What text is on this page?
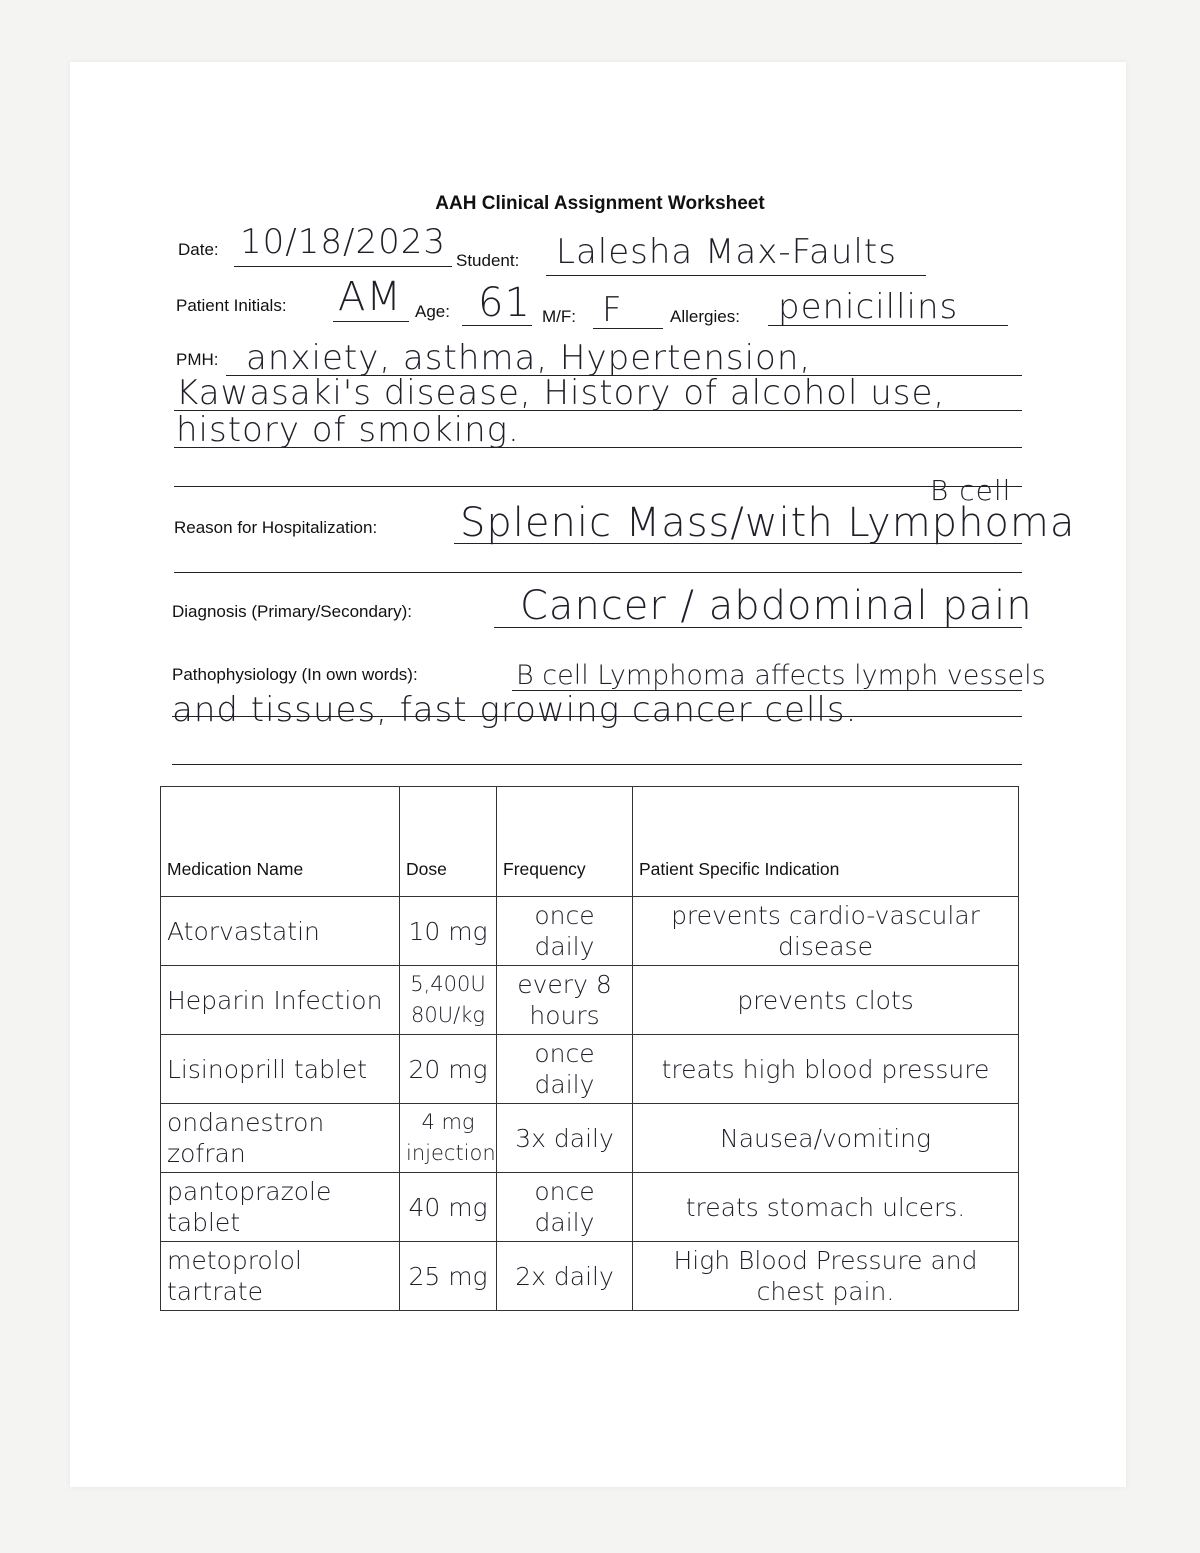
AAH Clinical Assignment Worksheet
Date: 10/18/2023 Student: Lalesha Max-Faults
Patient Initials: AM Age: 61 M/F: F	Allergies: penicillins
PMH: anxiety, asthma, Hypertension,
Kawasaki's disease, History of alcohol use,
history of smoking.
Reason for Hospitalization:
B cell
Splenic Mass/with Lymphoma
Diagnosis (Primary/Secondary):	Cancer / abdominal pain
Pathophysiology (In own words):	B cell Lymphoma affects lymph vessels
and tissues, fast growing cancer cells.
Medication Name	Dose	Frequency	Patient Specific Indication
Atorvastatin	10 mg	once daily	prevents cardio-vascular disease
Heparin Infection	5,400U 80U/kg	every 8 hours	prevents clots
Lisinoprill tablet	20 mg	once daily	treats high blood pressure
ondanestron zofran	4 mg injection	3x daily	Nausea/vomiting
pantoprazole tablet	40 mg	once daily	treats stomach ulcers.
metoprolol tartrate	25 mg	2x daily	High Blood Pressure and chest pain.
